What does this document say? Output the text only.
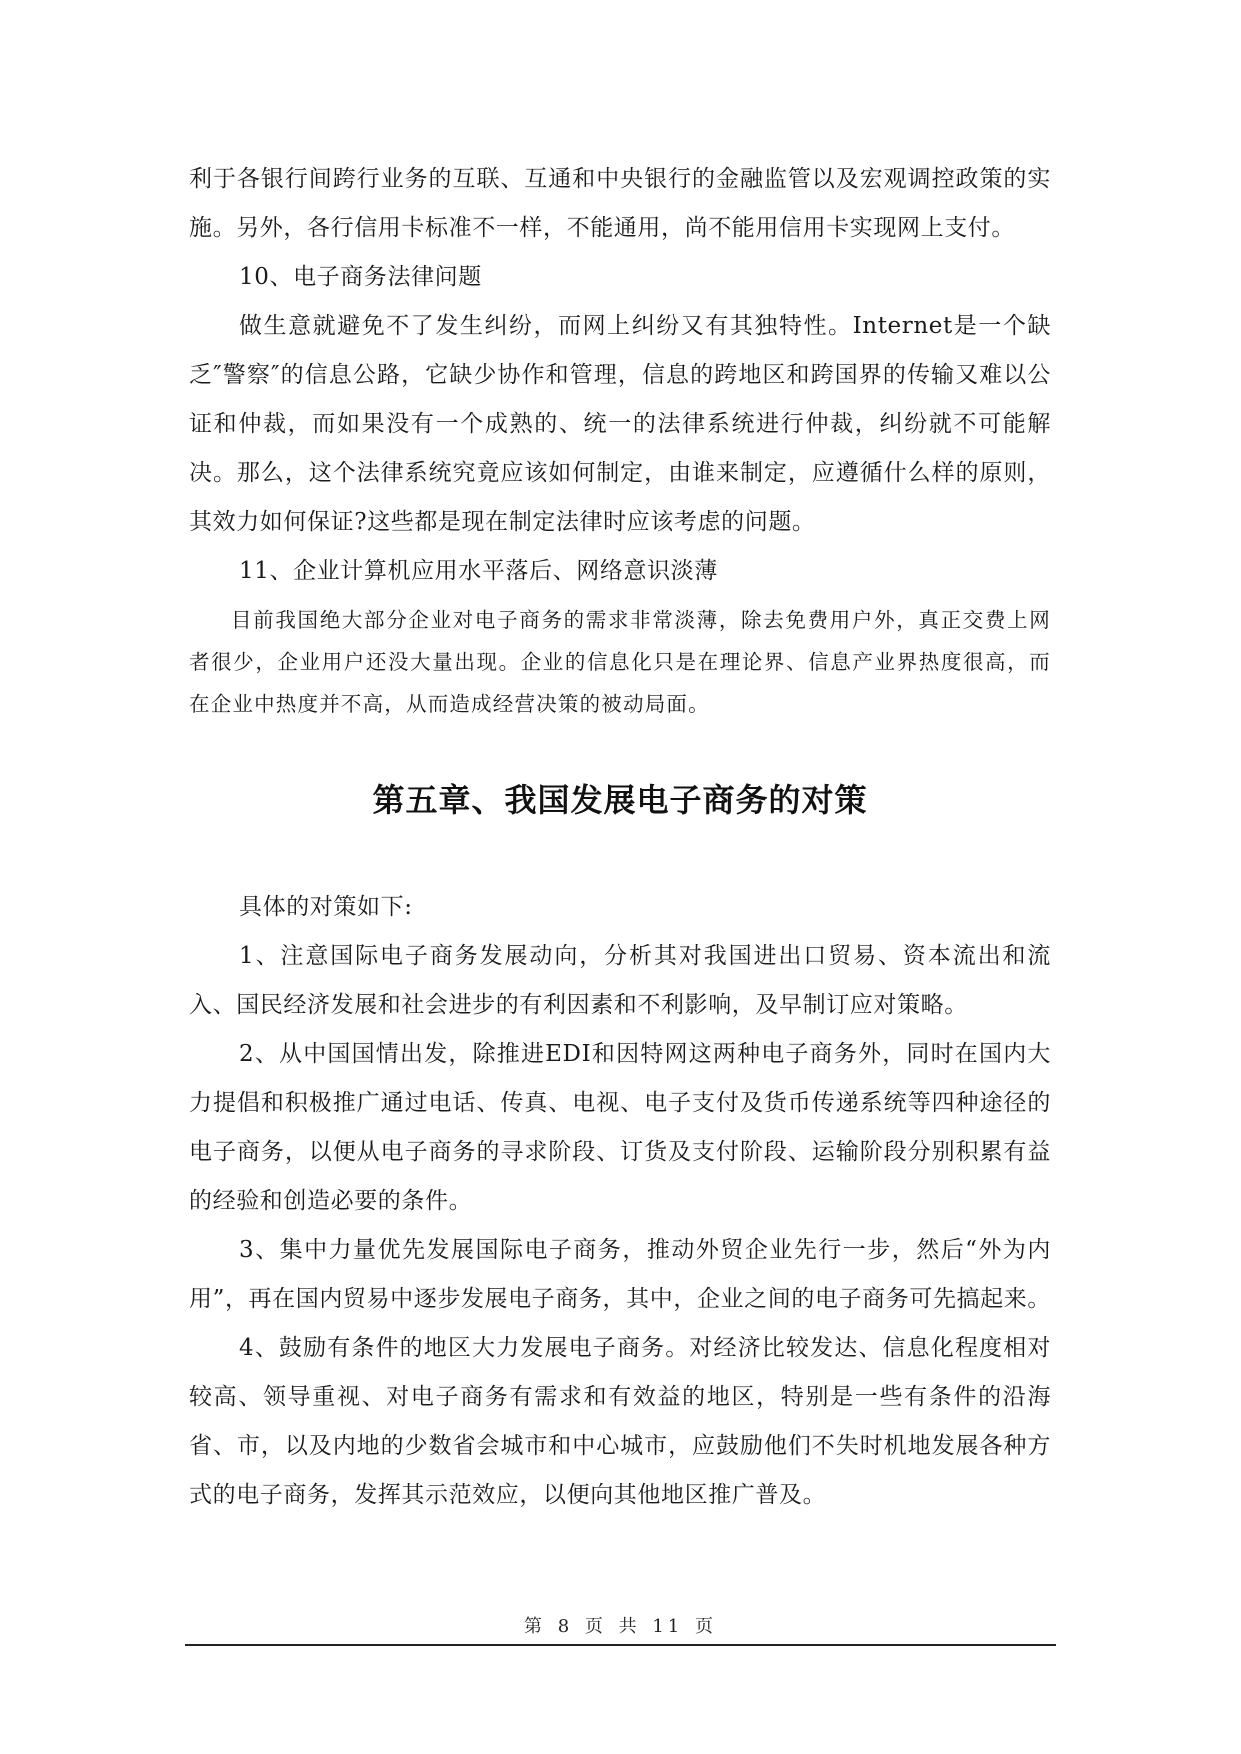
利于各银行间跨行业务的互联、互通和中央银行的金融监管以及宏观调控政策的实施。另外，各行信用卡标准不一样，不能通用，尚不能用信用卡实现网上支付。

10、电子商务法律问题

做生意就避免不了发生纠纷，而网上纠纷又有其独特性。Internet是一个缺乏″警察″的信息公路，它缺少协作和管理，信息的跨地区和跨国界的传输又难以公证和仲裁，而如果没有一个成熟的、统一的法律系统进行仲裁，纠纷就不可能解决。那么，这个法律系统究竟应该如何制定，由谁来制定，应遵循什么样的原则，其效力如何保证?这些都是现在制定法律时应该考虑的问题。

11、企业计算机应用水平落后、网络意识淡薄

目前我国绝大部分企业对电子商务的需求非常淡薄，除去免费用户外，真正交费上网者很少，企业用户还没大量出现。企业的信息化只是在理论界、信息产业界热度很高，而在企业中热度并不高，从而造成经营决策的被动局面。

第五章、我国发展电子商务的对策

具体的对策如下:

1、注意国际电子商务发展动向，分析其对我国进出口贸易、资本流出和流入、国民经济发展和社会进步的有利因素和不利影响，及早制订应对策略。

2、从中国国情出发，除推进EDI和因特网这两种电子商务外，同时在国内大力提倡和积极推广通过电话、传真、电视、电子支付及货币传递系统等四种途径的电子商务，以便从电子商务的寻求阶段、订货及支付阶段、运输阶段分别积累有益的经验和创造必要的条件。

3、集中力量优先发展国际电子商务，推动外贸企业先行一步，然后“外为内用”，再在国内贸易中逐步发展电子商务，其中，企业之间的电子商务可先搞起来。

4、鼓励有条件的地区大力发展电子商务。对经济比较发达、信息化程度相对较高、领导重视、对电子商务有需求和有效益的地区，特别是一些有条件的沿海省、市，以及内地的少数省会城市和中心城市，应鼓励他们不失时机地发展各种方式的电子商务，发挥其示范效应，以便向其他地区推广普及。

第 8 页 共 11 页
